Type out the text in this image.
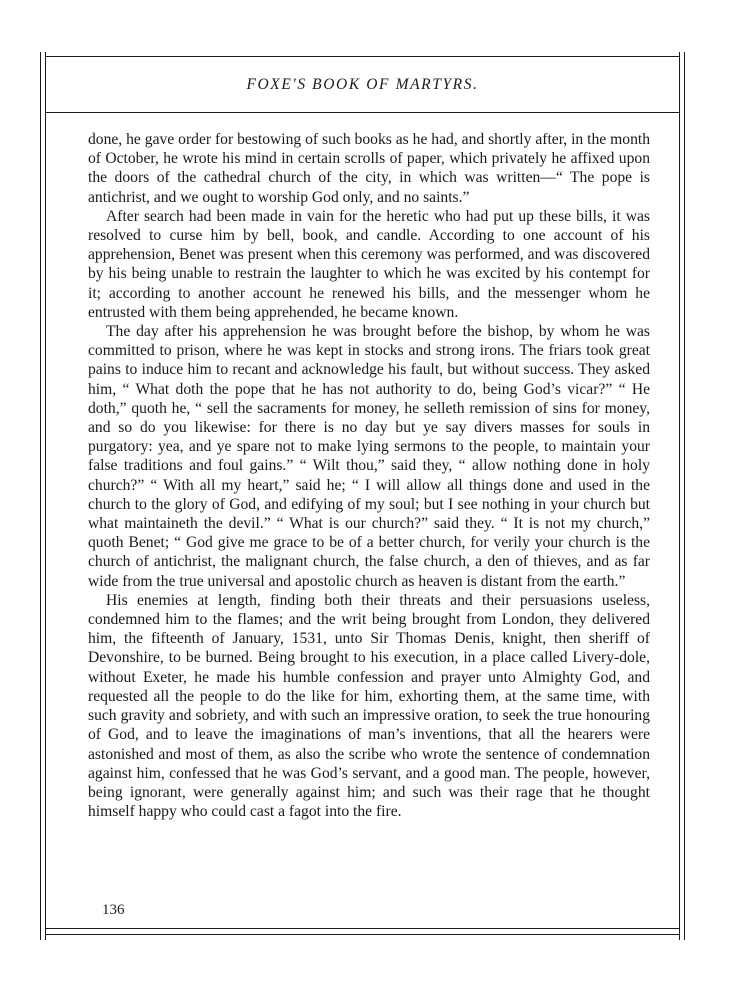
FOXE'S BOOK OF MARTYRS.

done, he gave order for bestowing of such books as he had, and shortly after, in the month of October, he wrote his mind in certain scrolls of paper, which privately he affixed upon the doors of the cathedral church of the city, in which was written—“ The pope is antichrist, and we ought to worship God only, and no saints.”

After search had been made in vain for the heretic who had put up these bills, it was resolved to curse him by bell, book, and candle. According to one account of his apprehension, Benet was present when this ceremony was performed, and was discovered by his being unable to restrain the laughter to which he was excited by his contempt for it; according to another account he renewed his bills, and the messenger whom he entrusted with them being apprehended, he became known.

The day after his apprehension he was brought before the bishop, by whom he was committed to prison, where he was kept in stocks and strong irons. The friars took great pains to induce him to recant and acknowledge his fault, but without success. They asked him, “ What doth the pope that he has not authority to do, being God’s vicar?” “ He doth,” quoth he, “ sell the sacraments for money, he selleth remission of sins for money, and so do you likewise: for there is no day but ye say divers masses for souls in purgatory: yea, and ye spare not to make lying sermons to the people, to maintain your false traditions and foul gains.” “ Wilt thou,” said they, “ allow nothing done in holy church?” “ With all my heart,” said he; “ I will allow all things done and used in the church to the glory of God, and edifying of my soul; but I see nothing in your church but what maintaineth the devil.” “ What is our church?” said they. “ It is not my church,” quoth Benet; “ God give me grace to be of a better church, for verily your church is the church of antichrist, the malignant church, the false church, a den of thieves, and as far wide from the true universal and apostolic church as heaven is distant from the earth.”

His enemies at length, finding both their threats and their persuasions useless, condemned him to the flames; and the writ being brought from London, they delivered him, the fifteenth of January, 1531, unto Sir Thomas Denis, knight, then sheriff of Devonshire, to be burned. Being brought to his execution, in a place called Livery-dole, without Exeter, he made his humble confession and prayer unto Almighty God, and requested all the people to do the like for him, exhorting them, at the same time, with such gravity and sobriety, and with such an impressive oration, to seek the true honouring of God, and to leave the imaginations of man’s inventions, that all the hearers were astonished and most of them, as also the scribe who wrote the sentence of condemnation against him, confessed that he was God’s servant, and a good man. The people, however, being ignorant, were generally against him; and such was their rage that he thought himself happy who could cast a fagot into the fire.

136
